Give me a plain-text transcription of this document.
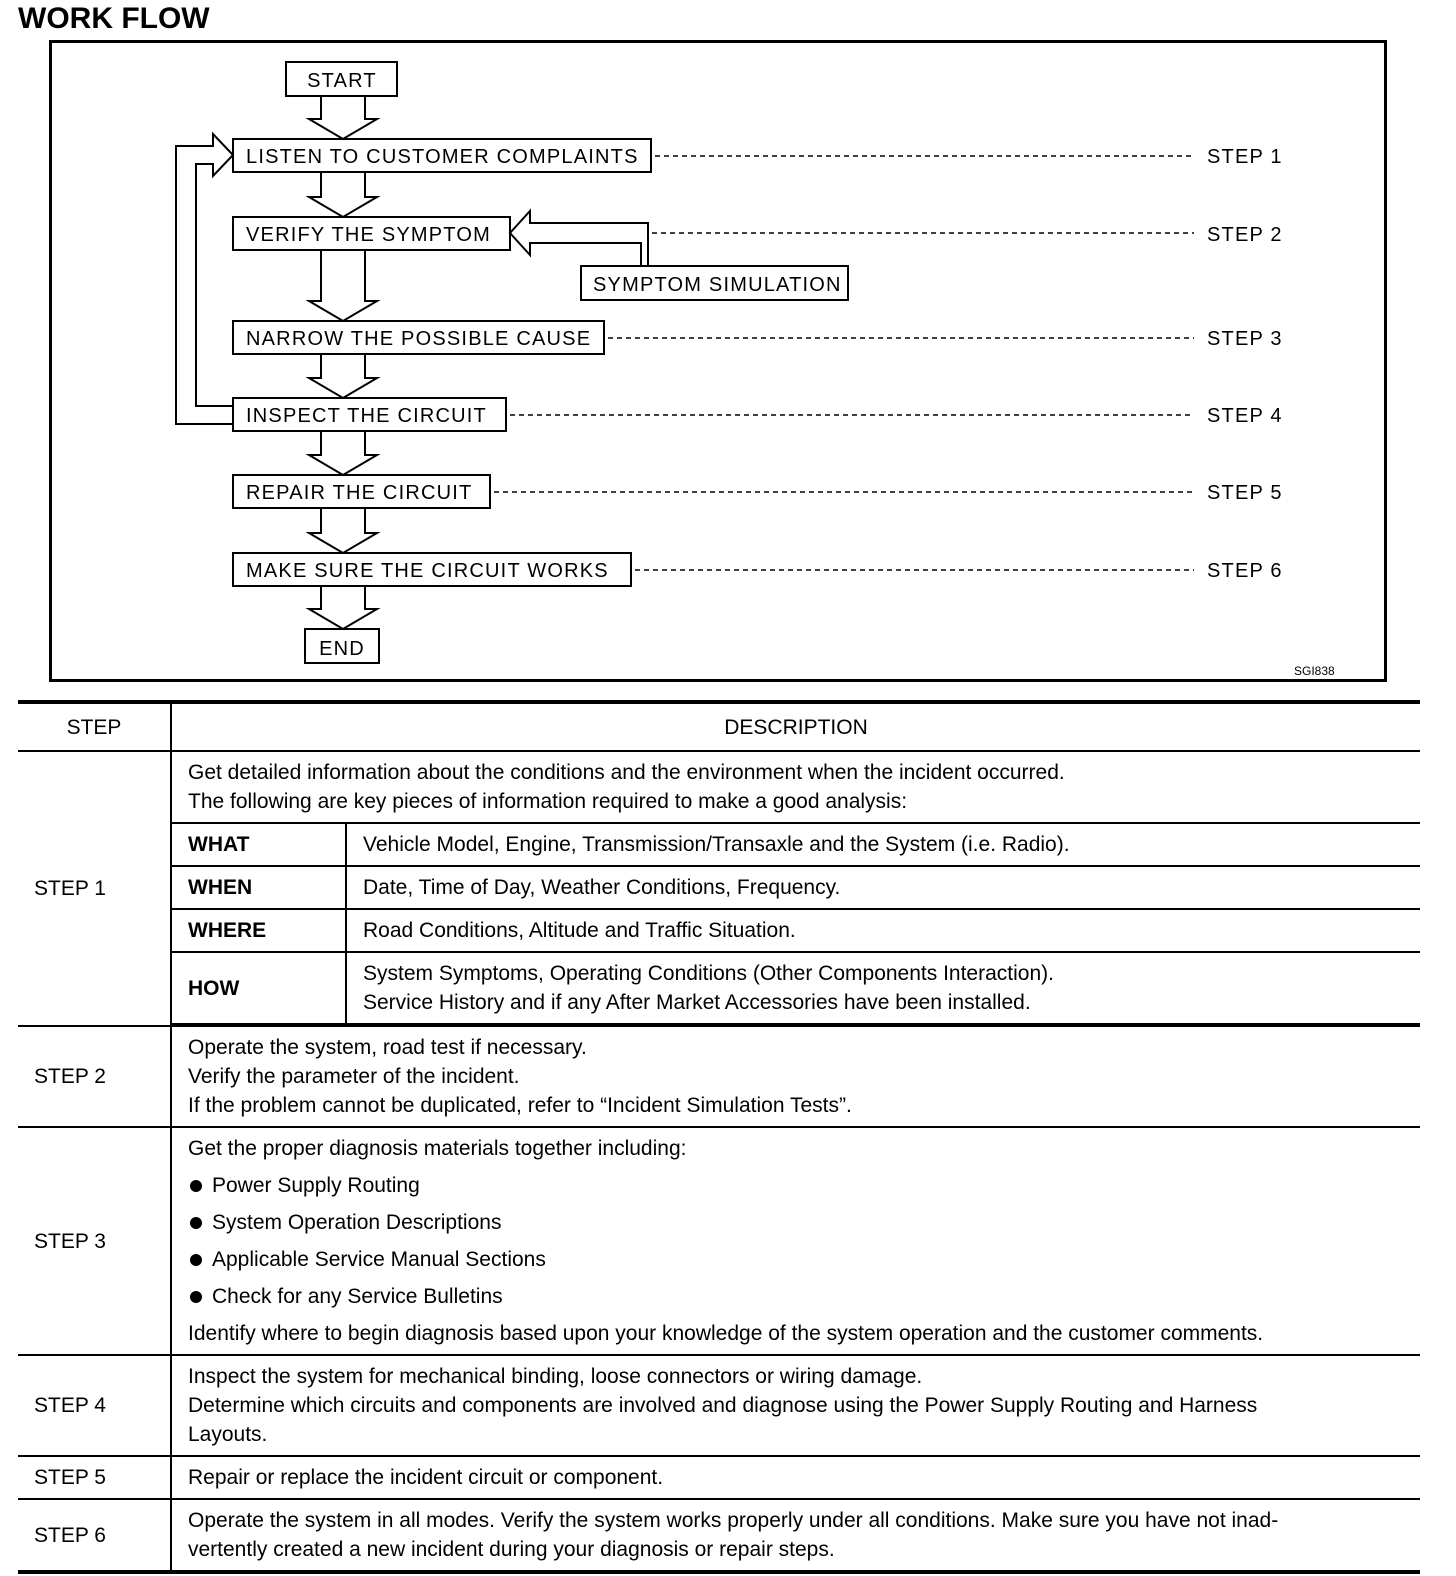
WORK FLOW
START
LISTEN TO CUSTOMER COMPLAINTS
VERIFY THE SYMPTOM
SYMPTOM SIMULATION
NARROW THE POSSIBLE CAUSE
INSPECT THE CIRCUIT
REPAIR THE CIRCUIT
MAKE SURE THE CIRCUIT WORKS
END
STEP 1
STEP 2
STEP 3
STEP 4
STEP 5
STEP 6
SGI838
STEP	DESCRIPTION
STEP 1	
Get detailed information about the conditions and the environment when the incident occurred.
The following are key pieces of information required to make a good analysis:
WHAT	Vehicle Model, Engine, Transmission/Transaxle and the System (i.e. Radio).
WHEN	Date, Time of Day, Weather Conditions, Frequency.
WHERE	Road Conditions, Altitude and Traffic Situation.
HOW	
System Symptoms, Operating Conditions (Other Components Interaction).
Service History and if any After Market Accessories have been installed.

STEP 2	
Operate the system, road test if necessary.
Verify the parameter of the incident.
If the problem cannot be duplicated, refer to “Incident Simulation Tests”.

STEP 3	
Get the proper diagnosis materials together including:
Power Supply Routing
System Operation Descriptions
Applicable Service Manual Sections
Check for any Service Bulletins
Identify where to begin diagnosis based upon your knowledge of the system operation and the customer comments.

STEP 4	
Inspect the system for mechanical binding, loose connectors or wiring damage.
Determine which circuits and components are involved and diagnose using the Power Supply Routing and Harness
Layouts.

STEP 5	Repair or replace the incident circuit or component.

STEP 6	
Operate the system in all modes. Verify the system works properly under all conditions. Make sure you have not inad-
vertently created a new incident during your diagnosis or repair steps.
